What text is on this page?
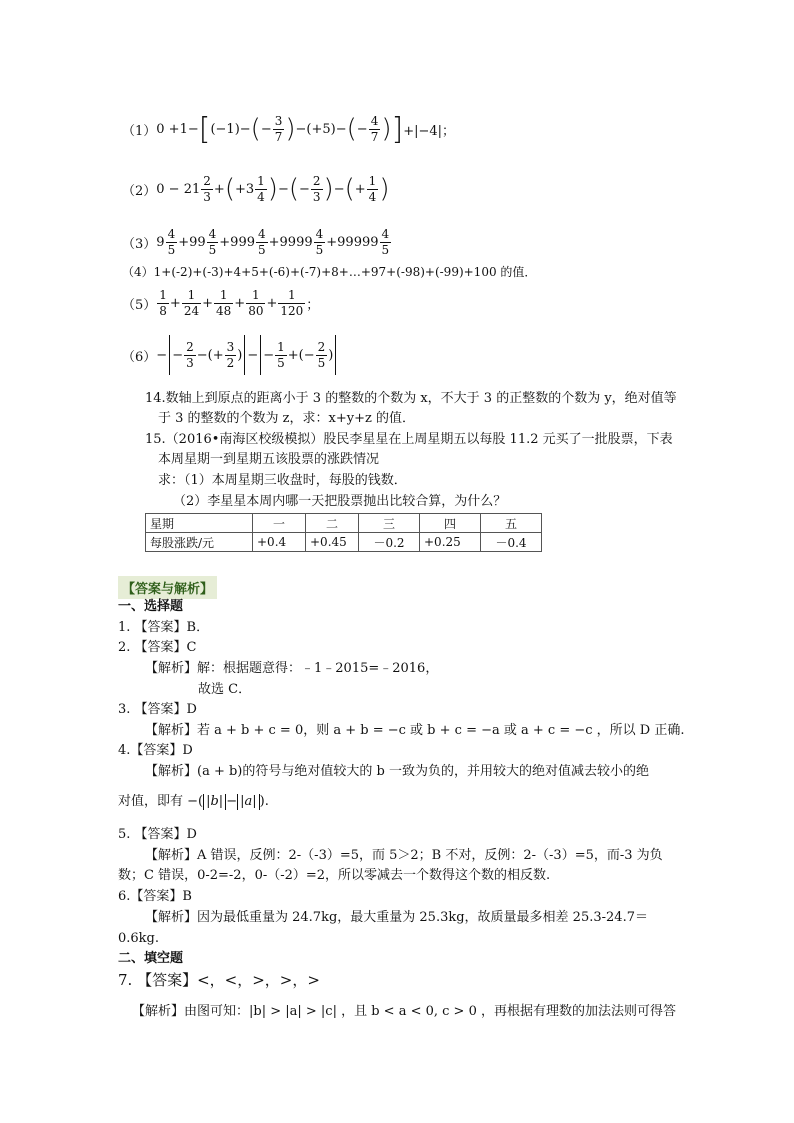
（1） 0 +1− [ (−1)− ( − $\frac{3}{7}$ ) −(+5)− ( − $\frac{4}{7}$ ) ] +|−4|；
（2） $0 - 21 \frac{2}{3}$ + ( $+3 \frac{1}{4}$ ) − ( − $\frac{2}{3}$ ) − ( + $\frac{1}{4}$ )
（3） $9 \frac{4}{5} +99 \frac{4}{5} +999 \frac{4}{5} +9999 \frac{4}{5} +99999 \frac{4}{5}$
（4）1+(-2)+(-3)+4+5+(-6)+(-7)+8+…+97+(-98)+(-99)+100 的值．
$(5) \frac{1}{8} + \frac{1}{24} + \frac{1}{48} + \frac{1}{80} + \frac{1}{120}$ ；
（6） − − $\frac{2}{3}$ −(+ $\frac{3}{2}$ ) − − $\frac{1}{5}$ +(− $\frac{2}{5}$ )
14.数轴上到原点的距离小于 3 的整数的个数为 x，不大于 3 的正整数的个数为 y，绝对值等
于 3 的整数的个数为 z，求：x+y+z 的值．
15.（2016•南海区校级模拟）股民李星星在上周星期五以每股 11.2 元买了一批股票，下表
本周星期一到星期五该股票的涨跌情况
求：（1）本周星期三收盘时，每股的钱数．
（2）李星星本周内哪一天把股票抛出比较合算，为什么？
星期	一	二	三	四	五
每股涨跌/元	+0.4	+0.45	－0.2	+0.25	－0.4
【答案与解析】
一、选择题
1. 【答案】B．
2. 【答案】C
【解析】解：根据题意得：﹣1﹣2015=﹣2016，
故选 C．
3. 【答案】D
【解析】若 a + b + c = 0，则 a + b = −c 或 b + c = −a 或 a + c = −c ，所以 D 正确.
4.【答案】D
【解析】(a + b)的符号与绝对值较大的 b 一致为负的，并用较大的绝对值减去较小的绝
对值，即有 −( |b| − |a| ).
5. 【答案】D
【解析】A 错误，反例：2-（-3）=5，而 5＞2；B 不对，反例：2-（-3）=5，而-3 为负
数；C 错误，0-2=-2，0-（-2）=2，所以零减去一个数得这个数的相反数.
6.【答案】B
【解析】因为最低重量为 24.7kg，最大重量为 25.3kg，故质量最多相差 25.3-24.7＝
0.6kg.
二、填空题
7. 【答案】<，<，>，>，>
【解析】由图可知：|b| > |a| > |c| ，且 b < a < 0, c > 0 ，再根据有理数的加法法则可得答
